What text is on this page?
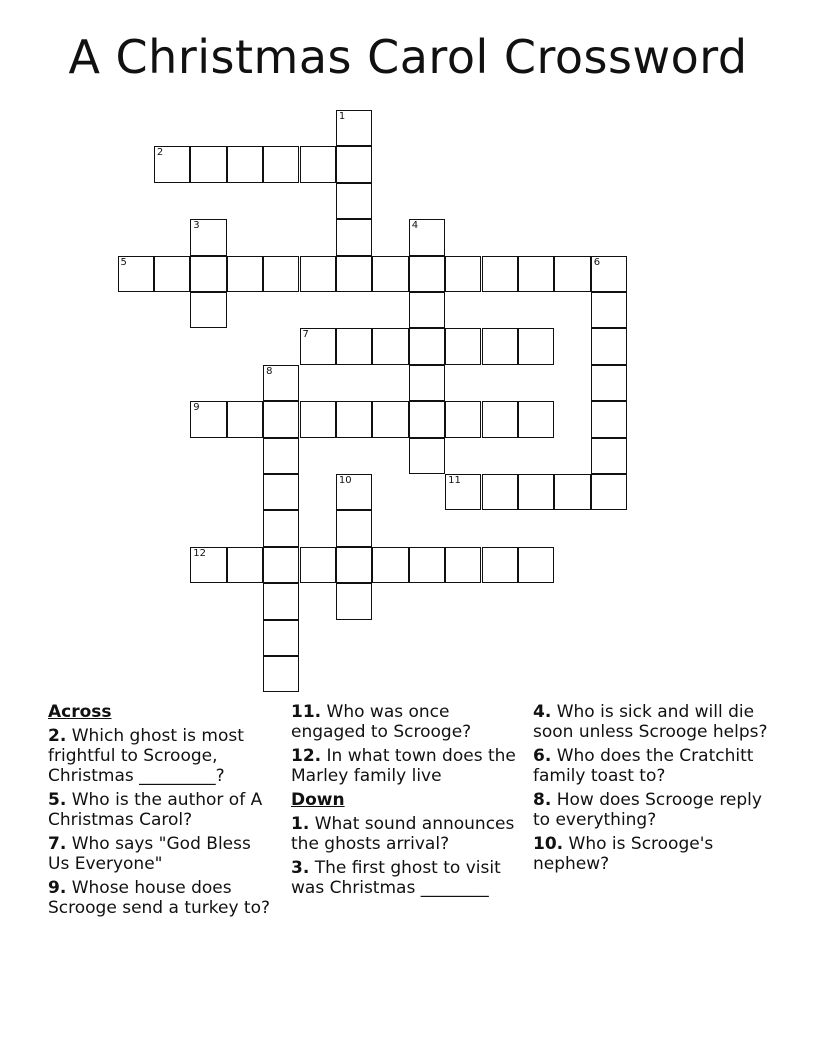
A Christmas Carol Crossword
1
2
3	4
5	6
7
8
9
10	11
12
Across
2. Which ghost is most frightful to Scrooge, Christmas _________?
5. Who is the author of A Christmas Carol?
7. Who says "God Bless Us Everyone"
9. Whose house does Scrooge send a turkey to?
11. Who was once engaged to Scrooge?
12. In what town does the Marley family live
Down
1. What sound announces the ghosts arrival?
3. The first ghost to visit was Christmas ________
4. Who is sick and will die soon unless Scrooge helps?
6. Who does the Cratchitt family toast to?
8. How does Scrooge reply to everything?
10. Who is Scrooge's nephew?
